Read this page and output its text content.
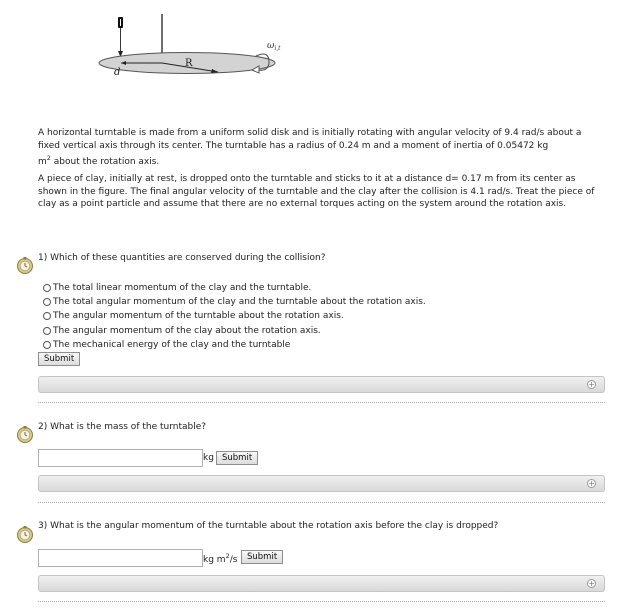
R
d
$\omega_{i,t}$

A horizontal turntable is made from a uniform solid disk and is initially rotating with angular velocity of 9.4 rad/s about a fixed vertical axis through its center. The turntable has a radius of 0.24 m and a moment of inertia of 0.05472 kg
$m^2$ about the rotation axis.

A piece of clay, initially at rest, is dropped onto the turntable and sticks to it at a distance d= 0.17 m from its center as shown in the figure. The final angular velocity of the turntable and the clay after the collision is 4.1 rad/s. Treat the piece of clay as a point particle and assume that there are no external torques acting on the system around the rotation axis.

1) Which of these quantities are conserved during the collision?
The total linear momentum of the clay and the turntable.
The total angular momentum of the clay and the turntable about the rotation axis.
The angular momentum of the turntable about the rotation axis.
The angular momentum of the clay about the rotation axis.
The mechanical energy of the clay and the turntable
Submit
+
2) What is the mass of the turntable?
kg Submit
+
3) What is the angular momentum of the turntable about the rotation axis before the clay is dropped?
kg $m^2/s$	Submit
+
